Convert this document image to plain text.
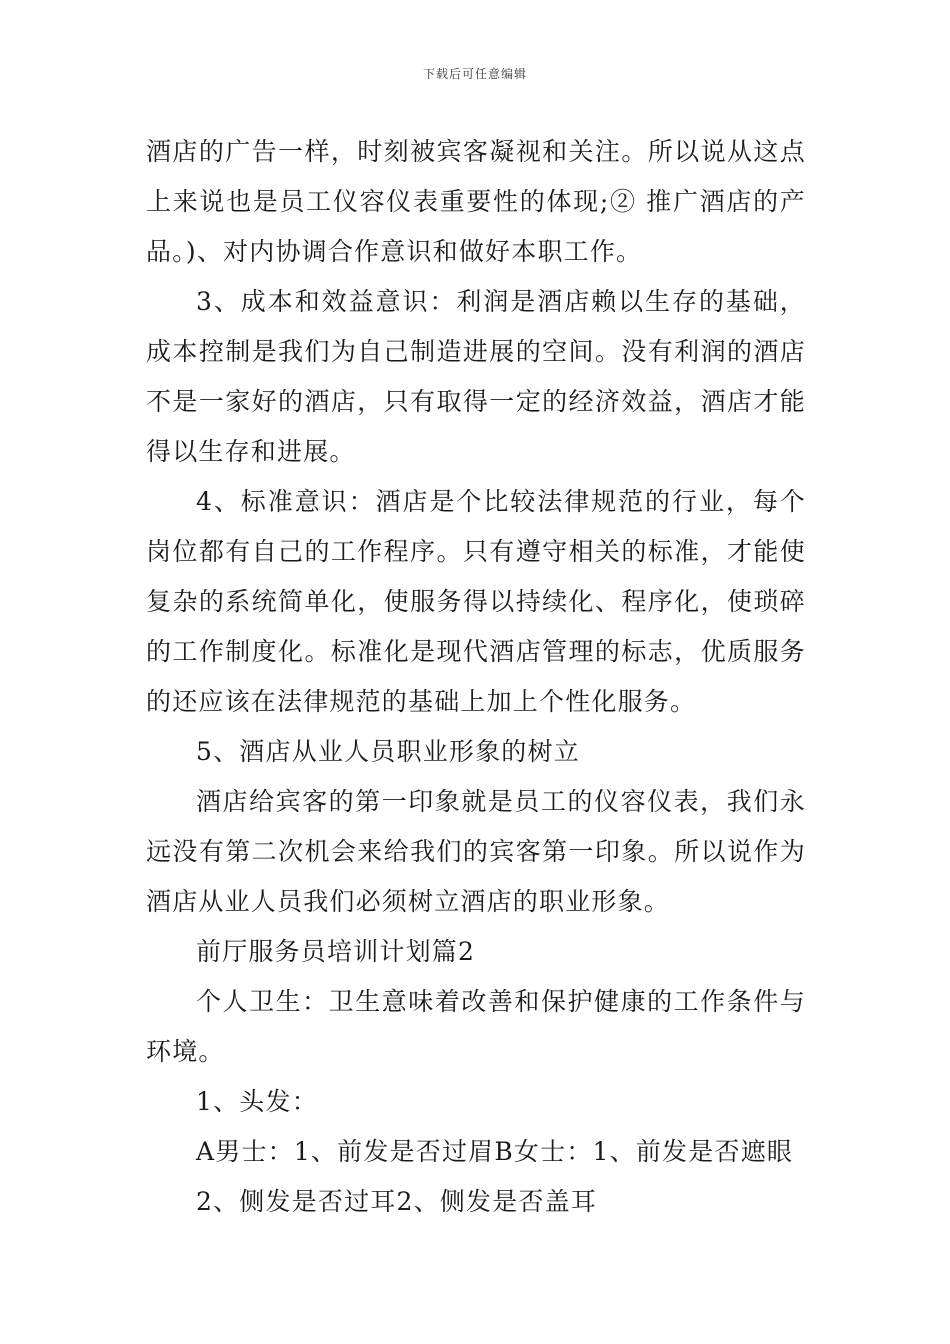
下载后可任意编辑

酒店的广告一样，时刻被宾客凝视和关注。所以说从这点上来说也是员工仪容仪表重要性的体现;② 推广酒店的产品。)、对内协调合作意识和做好本职工作。

3、成本和效益意识：利润是酒店赖以生存的基础，成本控制是我们为自己制造进展的空间。没有利润的酒店不是一家好的酒店，只有取得一定的经济效益，酒店才能得以生存和进展。

4、标准意识：酒店是个比较法律规范的行业，每个岗位都有自己的工作程序。只有遵守相关的标准，才能使复杂的系统简单化，使服务得以持续化、程序化，使琐碎的工作制度化。标准化是现代酒店管理的标志，优质服务的还应该在法律规范的基础上加上个性化服务。

5、酒店从业人员职业形象的树立

酒店给宾客的第一印象就是员工的仪容仪表，我们永远没有第二次机会来给我们的宾客第一印象。所以说作为酒店从业人员我们必须树立酒店的职业形象。

前厅服务员培训计划篇2

个人卫生：卫生意味着改善和保护健康的工作条件与环境。

1、头发：

A男士：1、前发是否过眉B女士：1、前发是否遮眼

2、侧发是否过耳2、侧发是否盖耳
